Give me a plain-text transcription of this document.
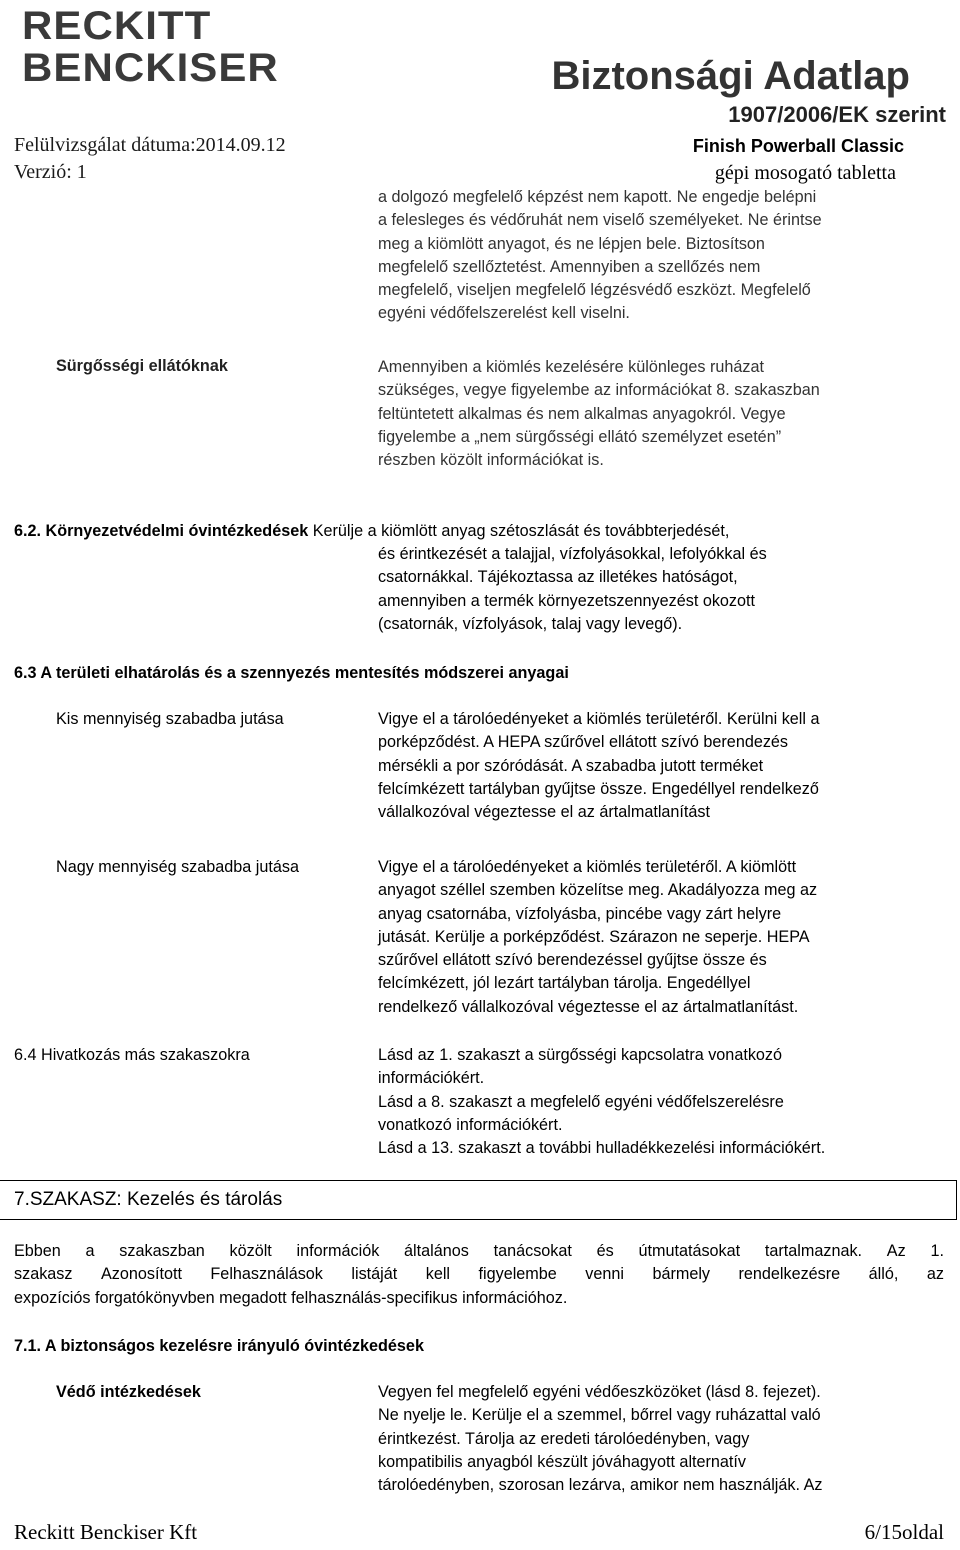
RECKITT
BENCKISER	Biztonsági Adatlap
1907/2006/EK szerint
Felülvizsgálat dátuma:2014.09.12	Finish Powerball Classic
Verzió: 1	gépi mosogató tabletta
a dolgozó megfelelő képzést nem kapott. Ne engedje belépni
a felesleges és védőruhát nem viselő személyeket. Ne érintse
meg a kiömlött anyagot, és ne lépjen bele. Biztosítson
megfelelő szellőztetést. Amennyiben a szellőzés nem
megfelelő, viseljen megfelelő légzésvédő eszközt. Megfelelő
egyéni védőfelszerelést kell viselni.
Sürgősségi ellátóknak	Amennyiben a kiömlés kezelésére különleges ruházat
szükséges, vegye figyelembe az információkat 8. szakaszban
feltüntetett alkalmas és nem alkalmas anyagokról. Vegye
figyelembe a „nem sürgősségi ellátó személyzet esetén”
részben közölt információkat is.
6.2. Környezetvédelmi óvintézkedések Kerülje a kiömlött anyag szétoszlását és továbbterjedését,
és érintkezését a talajjal, vízfolyásokkal, lefolyókkal és
csatornákkal. Tájékoztassa az illetékes hatóságot,
amennyiben a termék környezetszennyezést okozott
(csatornák, vízfolyások, talaj vagy levegő).
6.3 A területi elhatárolás és a szennyezés mentesítés módszerei anyagai
Kis mennyiség szabadba jutása	Vigye el a tárolóedényeket a kiömlés területéről. Kerülni kell a
porképződést. A HEPA szűrővel ellátott szívó berendezés
mérsékli a por szóródását. A szabadba jutott terméket
felcímkézett tartályban gyűjtse össze. Engedéllyel rendelkező
vállalkozóval végeztesse el az ártalmatlanítást
Nagy mennyiség szabadba jutása	Vigye el a tárolóedényeket a kiömlés területéről. A kiömlött
anyagot széllel szemben közelítse meg. Akadályozza meg az
anyag csatornába, vízfolyásba, pincébe vagy zárt helyre
jutását. Kerülje a porképződést. Szárazon ne seperje. HEPA
szűrővel ellátott szívó berendezéssel gyűjtse össze és
felcímkézett, jól lezárt tartályban tárolja. Engedéllyel
rendelkező vállalkozóval végeztesse el az ártalmatlanítást.
6.4 Hivatkozás más szakaszokra	Lásd az 1. szakaszt a sürgősségi kapcsolatra vonatkozó
információkért.
Lásd a 8. szakaszt a megfelelő egyéni védőfelszerelésre
vonatkozó információkért.
Lásd a 13. szakaszt a további hulladékkezelési információkért.
7.SZAKASZ: Kezelés és tárolás
Ebben a szakaszban közölt információk általános tanácsokat és útmutatásokat tartalmaznak. Az 1.
szakasz Azonosított Felhasználások listáját kell figyelembe venni bármely rendelkezésre álló, az
expozíciós forgatókönyvben megadott felhasználás-specifikus információhoz.
7.1. A biztonságos kezelésre irányuló óvintézkedések
Védő intézkedések	Vegyen fel megfelelő egyéni védőeszközöket (lásd 8. fejezet).
Ne nyelje le. Kerülje el a szemmel, bőrrel vagy ruházattal való
érintkezést. Tárolja az eredeti tárolóedényben, vagy
kompatibilis anyagból készült jóváhagyott alternatív
tárolóedényben, szorosan lezárva, amikor nem használják. Az
Reckitt Benckiser Kft	6/15oldal
